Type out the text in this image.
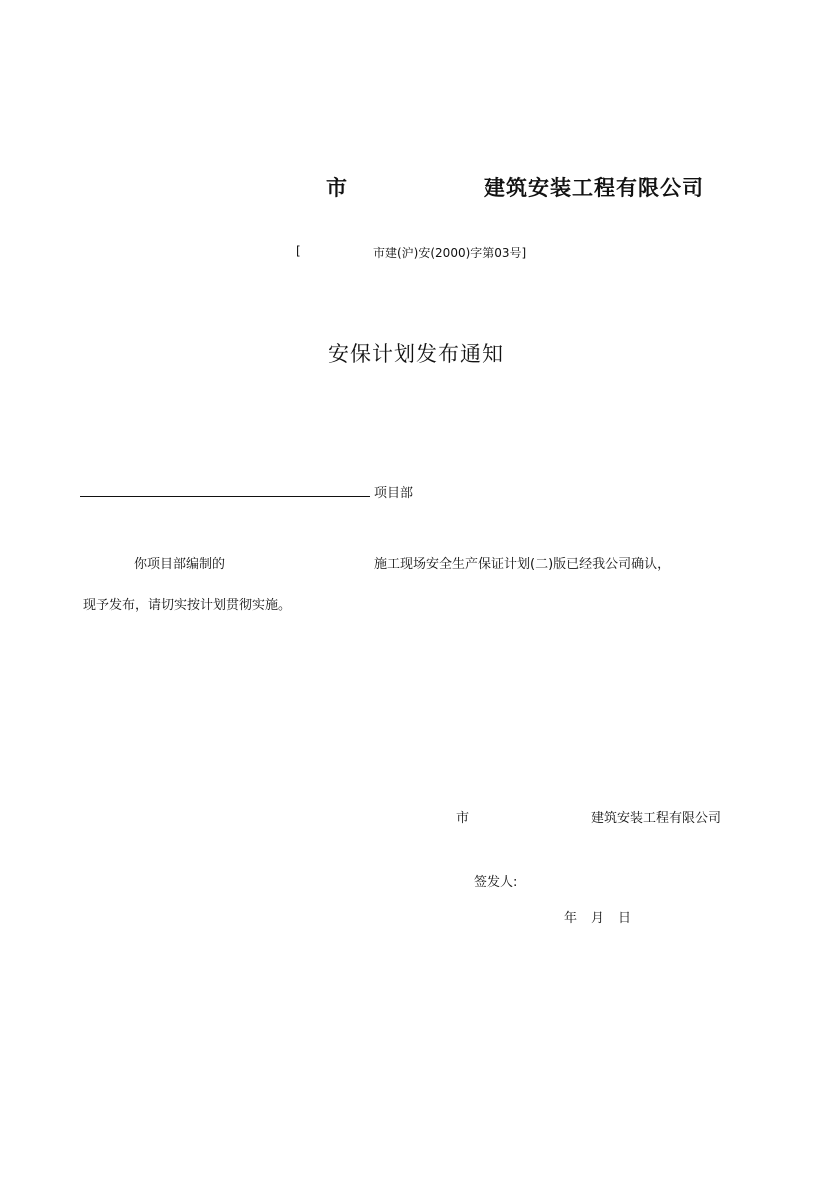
市	建筑安装工程有限公司
[	市建(沪)安(2000)字第03号]
安保计划发布通知
项目部
你项目部编制的	施工现场安全生产保证计划(二)版已经我公司确认，
现予发布，请切实按计划贯彻实施。
市	建筑安装工程有限公司
签发人:
年 月 日
